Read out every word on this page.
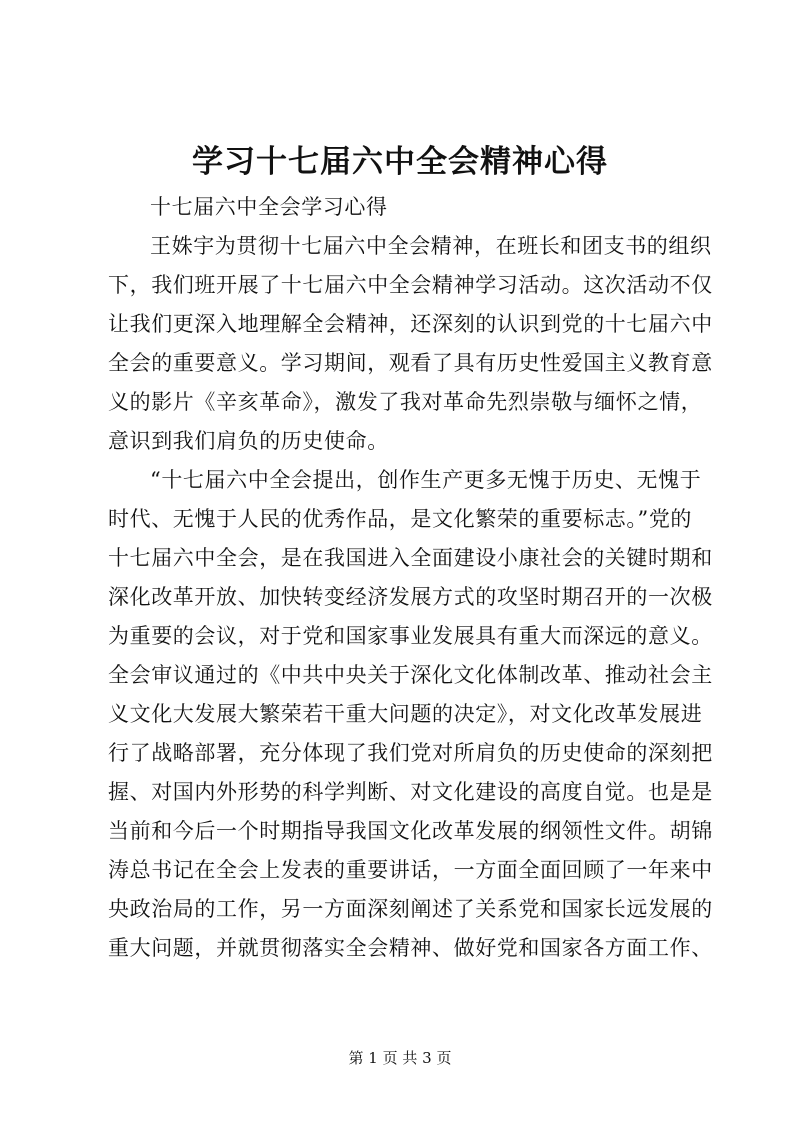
学习十七届六中全会精神心得
十七届六中全会学习心得
王姝宇为贯彻十七届六中全会精神，在班长和团支书的组织
下，我们班开展了十七届六中全会精神学习活动。这次活动不仅
让我们更深入地理解全会精神，还深刻的认识到党的十七届六中
全会的重要意义。学习期间，观看了具有历史性爱国主义教育意
义的影片《辛亥革命》，激发了我对革命先烈崇敬与缅怀之情，
意识到我们肩负的历史使命。
“十七届六中全会提出，创作生产更多无愧于历史、无愧于
时代、无愧于人民的优秀作品，是文化繁荣的重要标志。”党的
十七届六中全会，是在我国进入全面建设小康社会的关键时期和
深化改革开放、加快转变经济发展方式的攻坚时期召开的一次极
为重要的会议，对于党和国家事业发展具有重大而深远的意义。
全会审议通过的《中共中央关于深化文化体制改革、推动社会主
义文化大发展大繁荣若干重大问题的决定》，对文化改革发展进
行了战略部署，充分体现了我们党对所肩负的历史使命的深刻把
握、对国内外形势的科学判断、对文化建设的高度自觉。也是是
当前和今后一个时期指导我国文化改革发展的纲领性文件。胡锦
涛总书记在全会上发表的重要讲话，一方面全面回顾了一年来中
央政治局的工作，另一方面深刻阐述了关系党和国家长远发展的
重大问题，并就贯彻落实全会精神、做好党和国家各方面工作、
第 1 页 共 3 页
